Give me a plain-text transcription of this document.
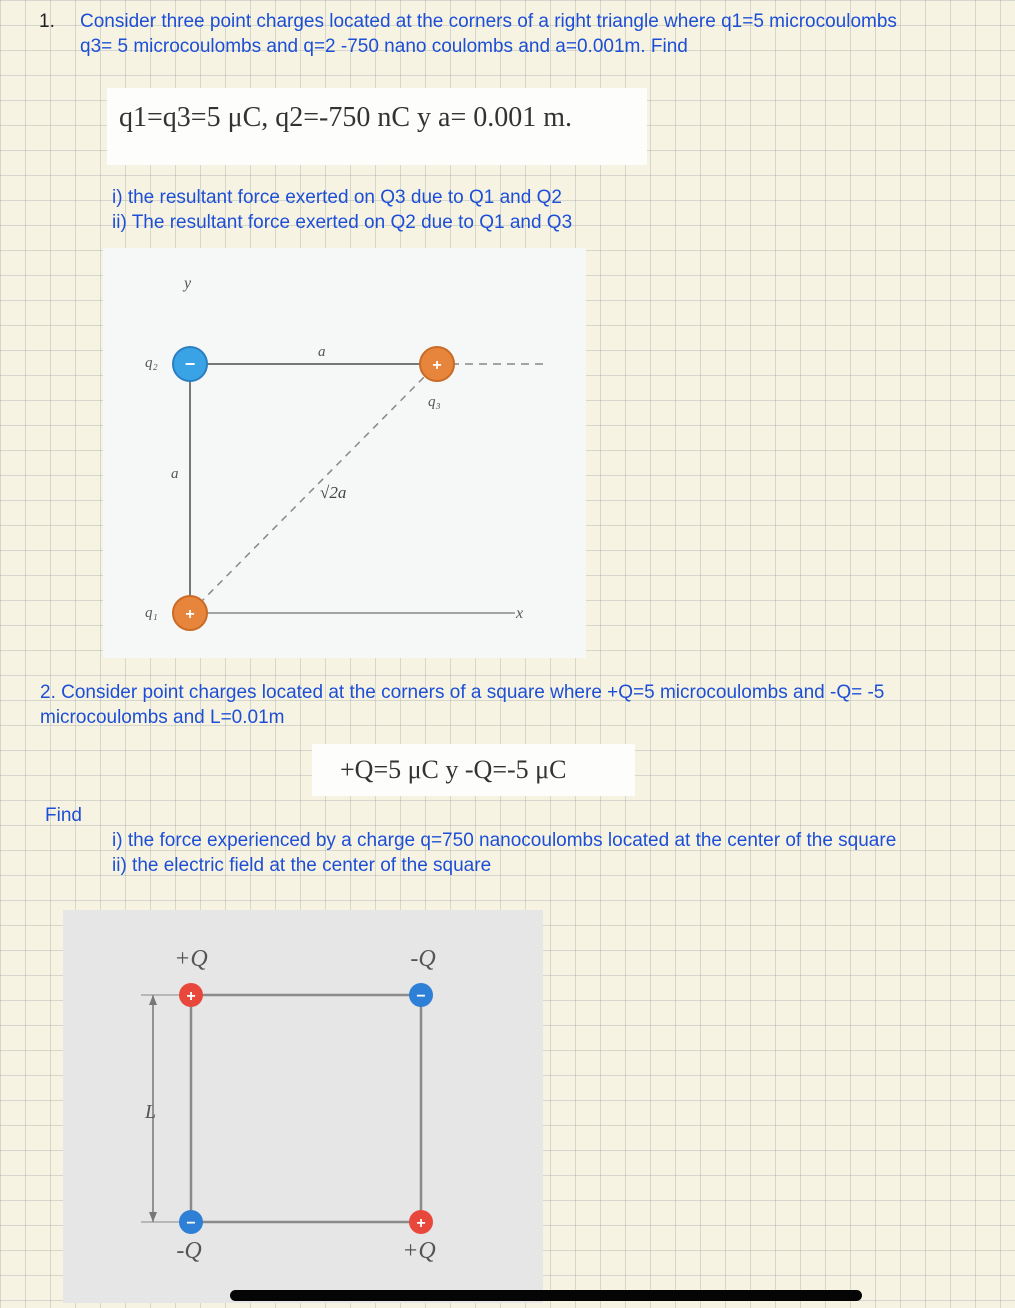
1. Consider three point charges located at the corners of a right triangle where q1=5 microcoulombs
q3= 5 microcoulombs and q=2 -750 nano coulombs and a=0.001m. Find
q1=q3=5 μC, q2=-750 nC y a= 0.001 m.
i) the resultant force exerted on Q3 due to Q1 and Q2
ii) The resultant force exerted on Q2 due to Q1 and Q3
−	+
+
y
x
q₂
q₁
q₃
a
a
√2a
2. Consider point charges located at the corners of a square where +Q=5 microcoulombs and -Q= -5
microcoulombs and L=0.01m
+Q=5 μC y -Q=-5 μC
Find
i) the force experienced by a charge q=750 nanocoulombs located at the center of the square
ii) the electric field at the center of the square
+	−
−	+
+Q	-Q
-Q	+Q
L
